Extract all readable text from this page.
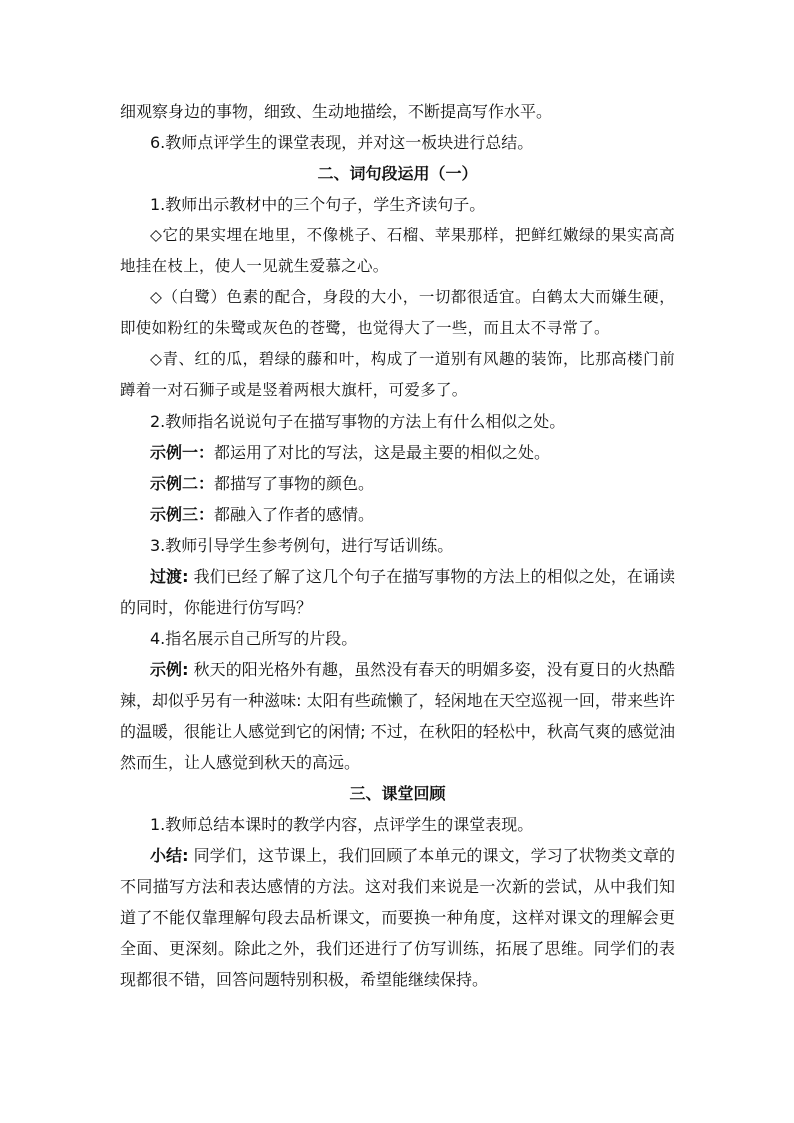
细观察身边的事物，细致、生动地描绘，不断提高写作水平。

6.教师点评学生的课堂表现，并对这一板块进行总结。

二、词句段运用（一）

1.教师出示教材中的三个句子，学生齐读句子。

◇它的果实埋在地里，不像桃子、石榴、苹果那样，把鲜红嫩绿的果实高高地挂在枝上，使人一见就生爱慕之心。

◇（白鹭）色素的配合，身段的大小，一切都很适宜。白鹤太大而嫌生硬，即使如粉红的朱鹭或灰色的苍鹭，也觉得大了一些，而且太不寻常了。

◇青、红的瓜，碧绿的藤和叶，构成了一道别有风趣的装饰，比那高楼门前蹲着一对石狮子或是竖着两根大旗杆，可爱多了。

2.教师指名说说句子在描写事物的方法上有什么相似之处。

示例一：都运用了对比的写法，这是最主要的相似之处。

示例二：都描写了事物的颜色。

示例三：都融入了作者的感情。

3.教师引导学生参考例句，进行写话训练。

过渡: 我们已经了解了这几个句子在描写事物的方法上的相似之处，在诵读的同时，你能进行仿写吗？

4.指名展示自己所写的片段。

示例: 秋天的阳光格外有趣，虽然没有春天的明媚多姿，没有夏日的火热酷辣，却似乎另有一种滋味: 太阳有些疏懒了，轻闲地在天空巡视一回，带来些许的温暖，很能让人感觉到它的闲情; 不过，在秋阳的轻松中，秋高气爽的感觉油然而生，让人感觉到秋天的高远。

三、课堂回顾

1.教师总结本课时的教学内容，点评学生的课堂表现。

小结: 同学们，这节课上，我们回顾了本单元的课文，学习了状物类文章的不同描写方法和表达感情的方法。这对我们来说是一次新的尝试，从中我们知道了不能仅靠理解句段去品析课文，而要换一种角度，这样对课文的理解会更全面、更深刻。除此之外，我们还进行了仿写训练，拓展了思维。同学们的表现都很不错，回答问题特别积极，希望能继续保持。
